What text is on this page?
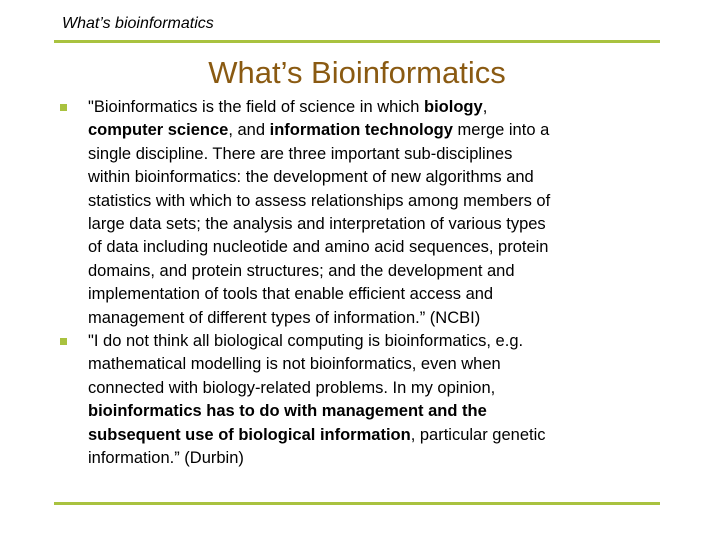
What’s bioinformatics
What’s Bioinformatics
"Bioinformatics is the field of science in which biology,
computer science, and information technology merge into a
single discipline. There are three important sub-disciplines
within bioinformatics: the development of new algorithms and
statistics with which to assess relationships among members of
large data sets; the analysis and interpretation of various types
of data including nucleotide and amino acid sequences, protein
domains, and protein structures; and the development and
implementation of tools that enable efficient access and
management of different types of information.” (NCBI)
"I do not think all biological computing is bioinformatics, e.g.
mathematical modelling is not bioinformatics, even when
connected with biology-related problems. In my opinion,
bioinformatics has to do with management and the
subsequent use of biological information, particular genetic
information.” (Durbin)
